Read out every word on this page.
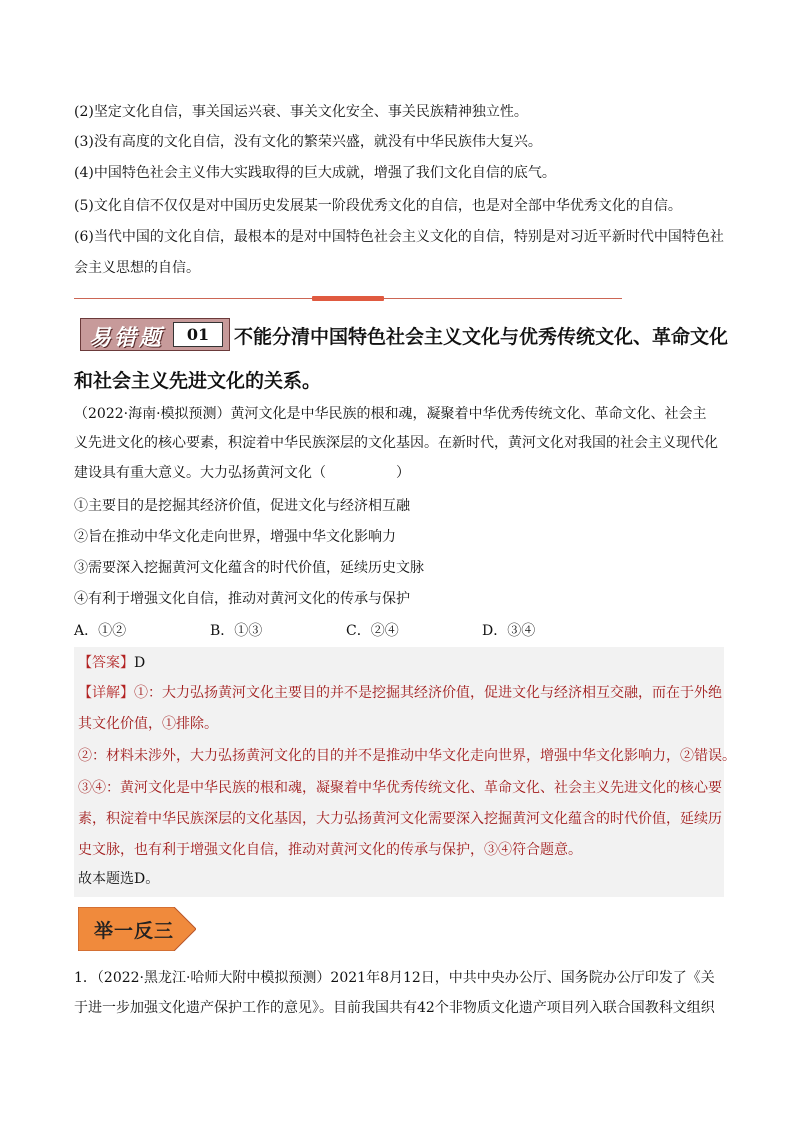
(2)坚定文化自信，事关国运兴衰、事关文化安全、事关民族精神独立性。
(3)没有高度的文化自信，没有文化的繁荣兴盛，就没有中华民族伟大复兴。
(4)中国特色社会主义伟大实践取得的巨大成就，增强了我们文化自信的底气。
(5)文化自信不仅仅是对中国历史发展某一阶段优秀文化的自信，也是对全部中华优秀文化的自信。
(6)当代中国的文化自信，最根本的是对中国特色社会主义文化的自信，特别是对习近平新时代中国特色社
会主义思想的自信。
易错题	01	不能分清中国特色社会主义文化与优秀传统文化、革命文化
和社会主义先进文化的关系。
（2022·海南·模拟预测）黄河文化是中华民族的根和魂，凝聚着中华优秀传统文化、革命文化、社会主
义先进文化的核心要素，积淀着中华民族深层的文化基因。在新时代，黄河文化对我国的社会主义现代化
建设具有重大意义。大力弘扬黄河文化（　　　　　）
①主要目的是挖掘其经济价值，促进文化与经济相互融
②旨在推动中华文化走向世界，增强中华文化影响力
③需要深入挖掘黄河文化蕴含的时代价值，延续历史文脉
④有利于增强文化自信，推动对黄河文化的传承与保护
A．①②	B．①③	C．②④	D．③④
【答案】D
【详解】①：大力弘扬黄河文化主要目的并不是挖掘其经济价值，促进文化与经济相互交融，而在于外绝
其文化价值，①排除。
②：材料未涉外，大力弘扬黄河文化的目的并不是推动中华文化走向世界，增强中华文化影响力，②错误。
③④：黄河文化是中华民族的根和魂，凝聚着中华优秀传统文化、革命文化、社会主义先进文化的核心要
素，积淀着中华民族深层的文化基因，大力弘扬黄河文化需要深入挖掘黄河文化蕴含的时代价值，延续历
史文脉，也有利于增强文化自信，推动对黄河文化的传承与保护，③④符合题意。
故本题选D。
举一反三
1．（2022·黑龙江·哈师大附中模拟预测）2021年8月12日，中共中央办公厅、国务院办公厅印发了《关
于进一步加强文化遗产保护工作的意见》。目前我国共有42个非物质文化遗产项目列入联合国教科文组织
